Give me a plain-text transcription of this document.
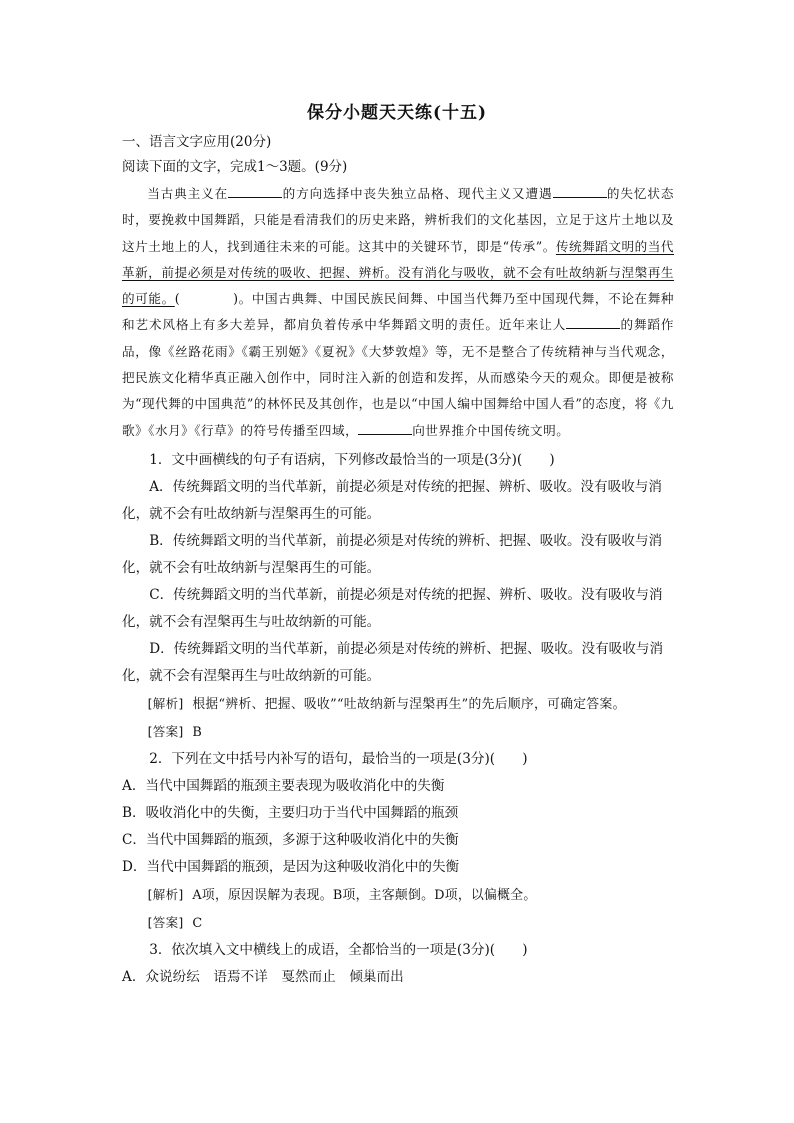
保分小题天天练(十五)
一、语言文字应用(20分)
阅读下面的文字，完成1～3题。(9分)
当古典主义在	的方向选择中丧失独立品格、现代主义又遭遇	的失忆状态时，要挽救中国舞蹈，只能是看清我们的历史来路，辨析我们的文化基因，立足于这片土地以及这片土地上的人，找到通往未来的可能。这其中的关键环节，即是“传承”。传统舞蹈文明的当代革新，前提必须是对传统的吸收、把握、辨析。没有消化与吸收，就不会有吐故纳新与涅槃再生的可能。(　　　　)。中国古典舞、中国民族民间舞、中国当代舞乃至中国现代舞，不论在舞种和艺术风格上有多大差异，都肩负着传承中华舞蹈文明的责任。近年来让人	的舞蹈作品，像《丝路花雨》《霸王别姬》《夏祝》《大梦敦煌》等，无不是整合了传统精神与当代观念，把民族文化精华真正融入创作中，同时注入新的创造和发挥，从而感染今天的观众。即便是被称为“现代舞的中国典范”的林怀民及其创作，也是以“中国人编中国舞给中国人看”的态度，将《九歌》《水月》《行草》的符号传播至四域，	向世界推介中国传统文明。
1．文中画横线的句子有语病，下列修改最恰当的一项是(3分)(　　)
A．传统舞蹈文明的当代革新，前提必须是对传统的把握、辨析、吸收。没有吸收与消
化，就不会有吐故纳新与涅槃再生的可能。
B．传统舞蹈文明的当代革新，前提必须是对传统的辨析、把握、吸收。没有吸收与消
化，就不会有吐故纳新与涅槃再生的可能。
C．传统舞蹈文明的当代革新，前提必须是对传统的把握、辨析、吸收。没有吸收与消
化，就不会有涅槃再生与吐故纳新的可能。
D．传统舞蹈文明的当代革新，前提必须是对传统的辨析、把握、吸收。没有吸收与消
化，就不会有涅槃再生与吐故纳新的可能。
[解析] 根据“辨析、把握、吸收”“吐故纳新与涅槃再生”的先后顺序，可确定答案。
[答案] B
2．下列在文中括号内补写的语句，最恰当的一项是(3分)(　　)
A．当代中国舞蹈的瓶颈主要表现为吸收消化中的失衡
B．吸收消化中的失衡，主要归功于当代中国舞蹈的瓶颈
C．当代中国舞蹈的瓶颈，多源于这种吸收消化中的失衡
D．当代中国舞蹈的瓶颈，是因为这种吸收消化中的失衡
[解析] A项，原因误解为表现。B项，主客颠倒。D项，以偏概全。
[答案] C
3．依次填入文中横线上的成语，全都恰当的一项是(3分)(　　)
A．众说纷纭　语焉不详　戛然而止　倾巢而出
